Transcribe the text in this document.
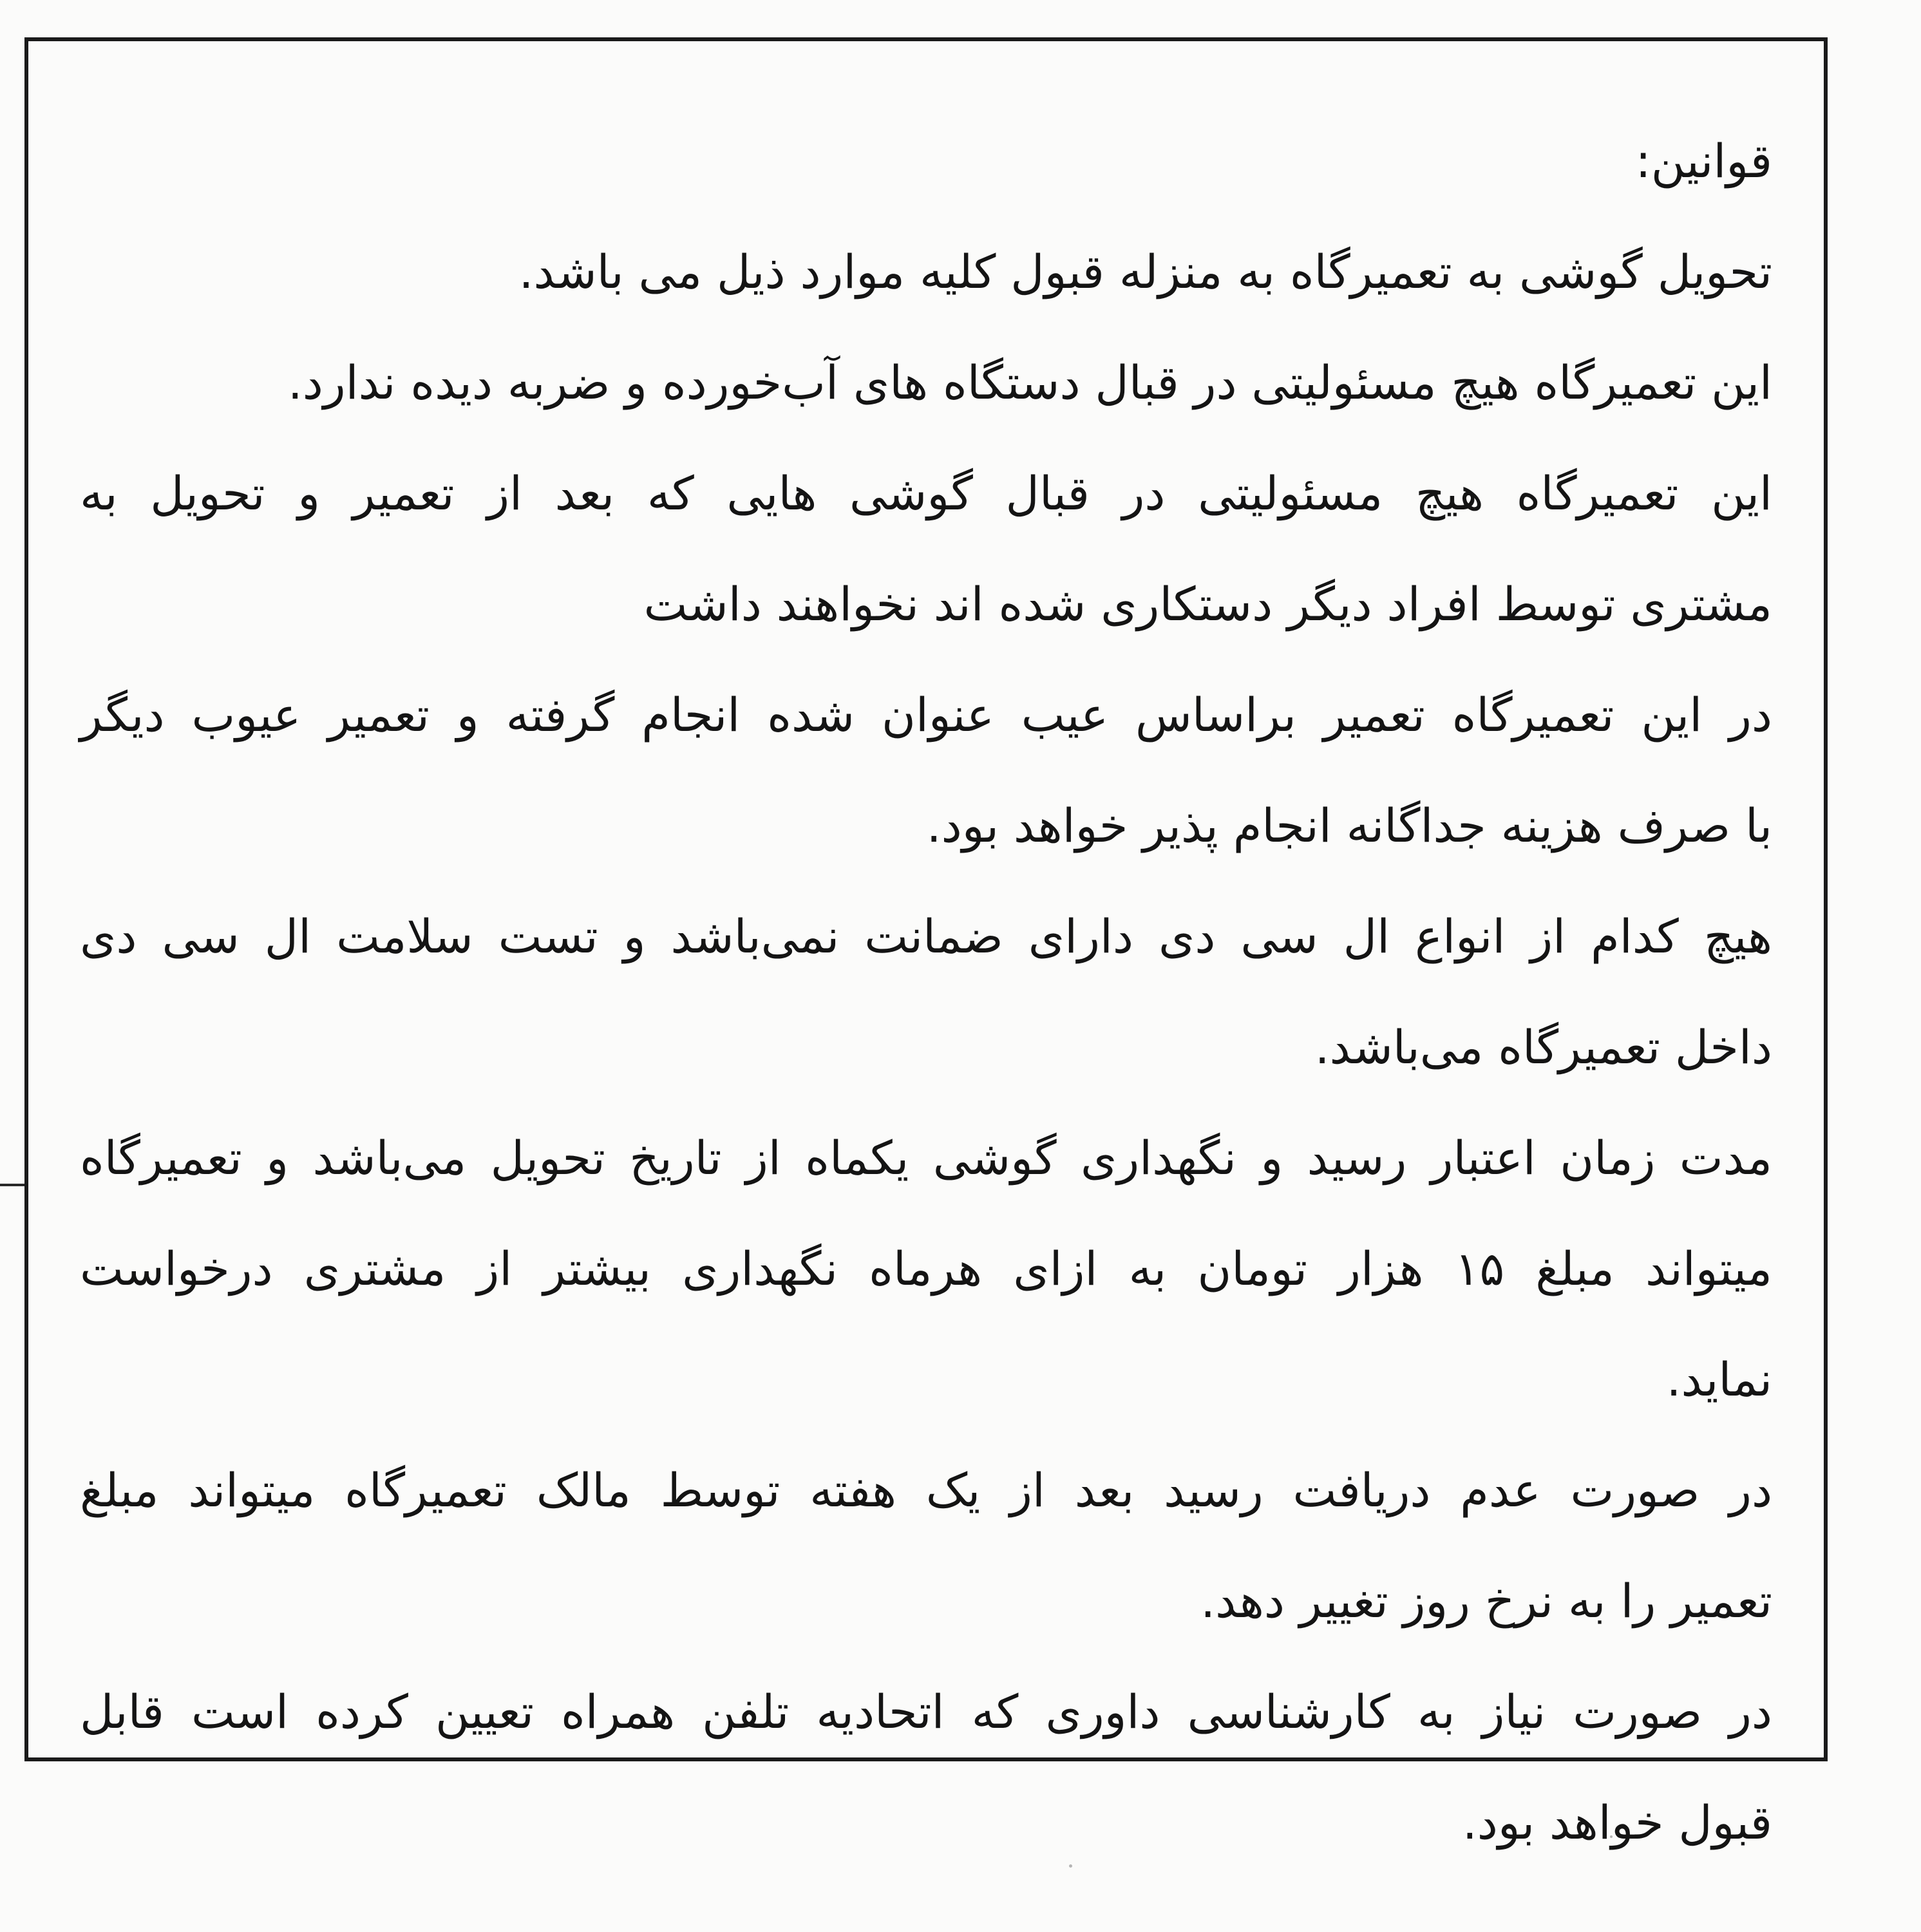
قوانین:
تحویل گوشی به تعمیرگاه به منزله قبول کلیه موارد ذیل می باشد.
این تعمیرگاه هیچ مسئولیتی در قبال دستگاه های آب‌خورده و ضربه دیده ندارد.
این تعمیرگاه هیچ مسئولیتی در قبال گوشی هایی که بعد از تعمیر و تحویل به
مشتری توسط افراد دیگر دستکاری شده اند نخواهند داشت
در این تعمیرگاه تعمیر براساس عیب عنوان شده انجام گرفته و تعمیر عیوب دیگر
با صرف هزینه جداگانه انجام پذیر خواهد بود.
هیچ کدام از انواع ال سی دی دارای ضمانت نمی‌باشد و تست سلامت ال سی دی
داخل تعمیرگاه می‌باشد.
مدت زمان اعتبار رسید و نگهداری گوشی یکماه از تاریخ تحویل می‌باشد و تعمیرگاه
میتواند مبلغ ۱۵ هزار تومان به ازای هرماه نگهداری بیشتر از مشتری درخواست
نماید.
در صورت عدم دریافت رسید بعد از یک هفته توسط مالک تعمیرگاه میتواند مبلغ
تعمیر را به نرخ روز تغییر دهد.
در صورت نیاز به کارشناسی داوری که اتحادیه تلفن همراه تعیین کرده است قابل
قبول خواهد بود.
